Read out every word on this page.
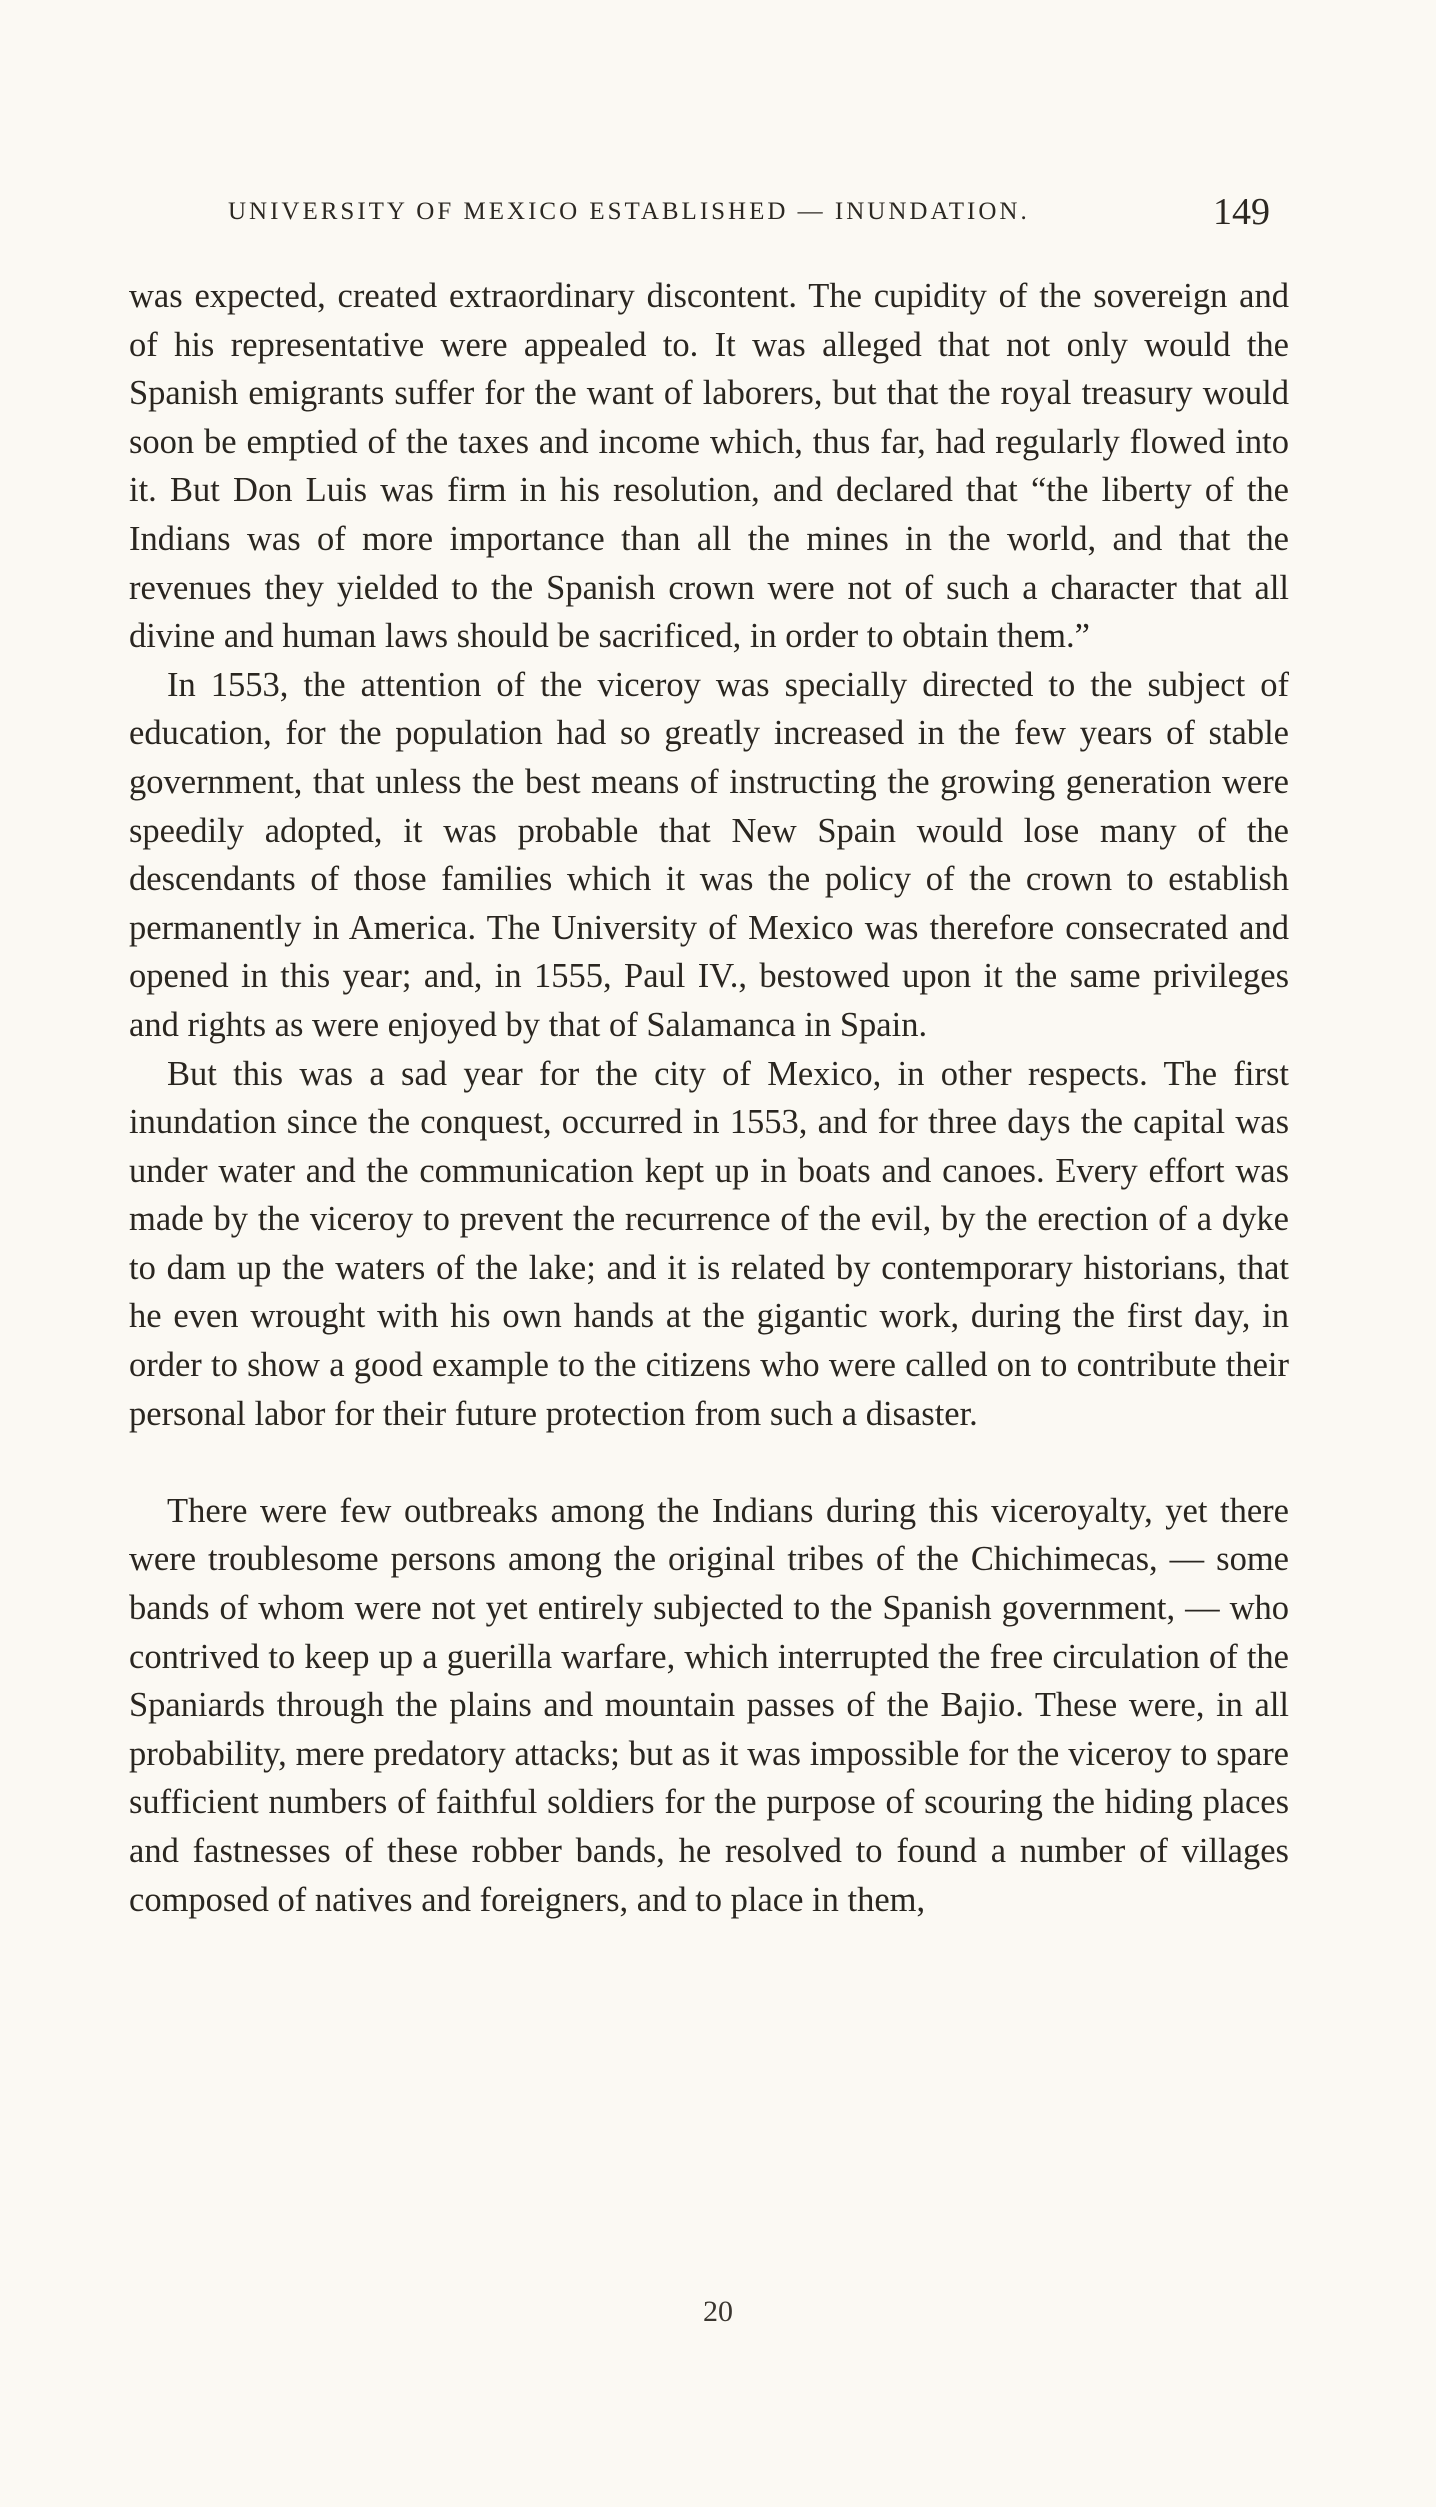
UNIVERSITY OF MEXICO ESTABLISHED — INUNDATION.	149

was expected, created extraordinary discontent. The cupidity of the sovereign and of his representative were appealed to. It was alleged that not only would the Spanish emigrants suffer for the want of laborers, but that the royal treasury would soon be emptied of the taxes and income which, thus far, had regularly flowed into it. But Don Luis was firm in his resolution, and declared that “the liberty of the Indians was of more importance than all the mines in the world, and that the revenues they yielded to the Spanish crown were not of such a character that all divine and human laws should be sacrificed, in order to obtain them.”

In 1553, the attention of the viceroy was specially directed to the subject of education, for the population had so greatly increased in the few years of stable government, that unless the best means of instructing the growing generation were speedily adopted, it was probable that New Spain would lose many of the descendants of those families which it was the policy of the crown to establish permanently in America. The University of Mexico was therefore consecrated and opened in this year; and, in 1555, Paul IV., bestowed upon it the same privileges and rights as were enjoyed by that of Salamanca in Spain.

But this was a sad year for the city of Mexico, in other respects. The first inundation since the conquest, occurred in 1553, and for three days the capital was under water and the communication kept up in boats and canoes. Every effort was made by the viceroy to prevent the recurrence of the evil, by the erection of a dyke to dam up the waters of the lake; and it is related by contemporary historians, that he even wrought with his own hands at the gigantic work, during the first day, in order to show a good example to the citizens who were called on to contribute their personal labor for their future protection from such a disaster.

There were few outbreaks among the Indians during this viceroyalty, yet there were troublesome persons among the original tribes of the Chichimecas, — some bands of whom were not yet entirely subjected to the Spanish government, — who contrived to keep up a guerilla warfare, which interrupted the free circulation of the Spaniards through the plains and mountain passes of the Bajio. These were, in all probability, mere predatory attacks; but as it was impossible for the viceroy to spare sufficient numbers of faithful soldiers for the purpose of scouring the hiding places and fastnesses of these robber bands, he resolved to found a number of villages composed of natives and foreigners, and to place in them,

20
